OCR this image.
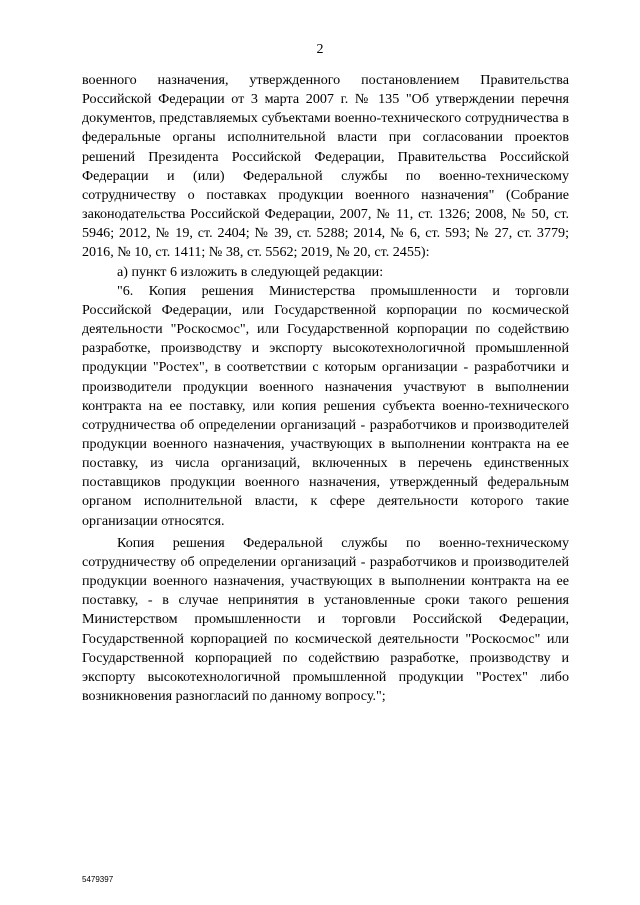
2

военного назначения, утвержденного постановлением Правительства Российской Федерации от 3 марта 2007 г. № 135 "Об утверждении перечня документов, представляемых субъектами военно-технического сотрудничества в федеральные органы исполнительной власти при согласовании проектов решений Президента Российской Федерации, Правительства Российской Федерации и (или) Федеральной службы по военно-техническому сотрудничеству о поставках продукции военного назначения" (Собрание законодательства Российской Федерации, 2007, № 11, ст. 1326; 2008, № 50, ст. 5946; 2012, № 19, ст. 2404; № 39, ст. 5288; 2014, № 6, ст. 593; № 27, ст. 3779; 2016, № 10, ст. 1411; № 38, ст. 5562; 2019, № 20, ст. 2455):

а) пункт 6 изложить в следующей редакции:

"6. Копия решения Министерства промышленности и торговли Российской Федерации, или Государственной корпорации по космической деятельности "Роскосмос", или Государственной корпорации по содействию разработке, производству и экспорту высокотехнологичной промышленной продукции "Ростех", в соответствии с которым организации - разработчики и производители продукции военного назначения участвуют в выполнении контракта на ее поставку, или копия решения субъекта военно-технического сотрудничества об определении организаций - разработчиков и производителей продукции военного назначения, участвующих в выполнении контракта на ее поставку, из числа организаций, включенных в перечень единственных поставщиков продукции военного назначения, утвержденный федеральным органом исполнительной власти, к сфере деятельности которого такие организации относятся.

Копия решения Федеральной службы по военно-техническому сотрудничеству об определении организаций - разработчиков и производителей продукции военного назначения, участвующих в выполнении контракта на ее поставку, - в случае непринятия в установленные сроки такого решения Министерством промышленности и торговли Российской Федерации, Государственной корпорацией по космической деятельности "Роскосмос" или Государственной корпорацией по содействию разработке, производству и экспорту высокотехнологичной промышленной продукции "Ростех" либо возникновения разногласий по данному вопросу.";

5479397
